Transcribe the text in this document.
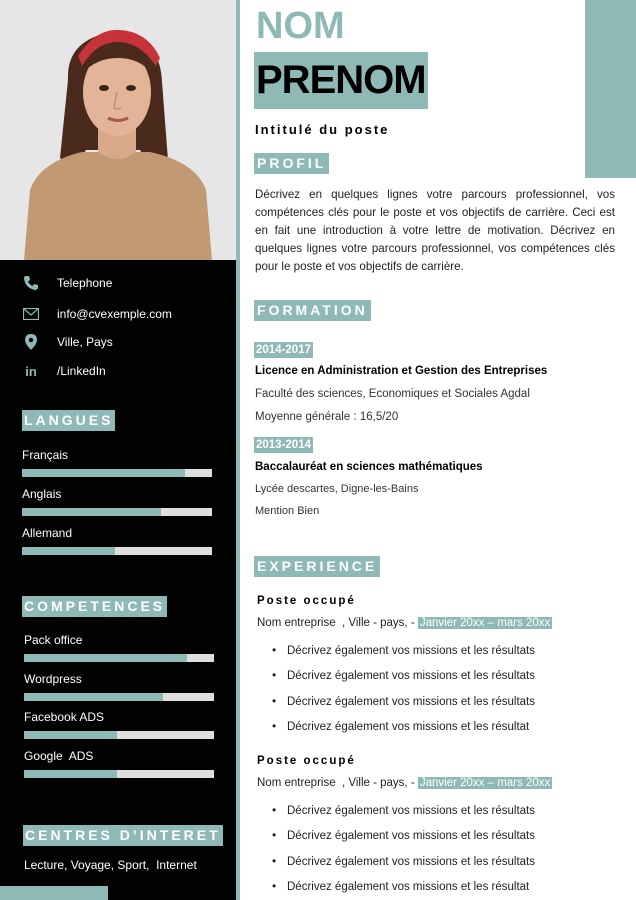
Telephone
info@cvexemple.com
Ville, Pays
in /LinkedIn
LANGUES
Français
Anglais
Allemand
COMPETENCES
Pack office
Wordpress
Facebook ADS
Google  ADS
CENTRES D’INTERET
Lecture, Voyage, Sport,  Internet
NOM
PRENOM
Intitulé du poste
PROFIL
Décrivez en quelques lignes votre parcours professionnel, vos compétences clés pour le poste et vos objectifs de carrière. Ceci est en fait une introduction à votre lettre de motivation. Décrivez en quelques lignes votre parcours professionnel, vos compétences clés pour le poste et vos objectifs de carrière.
FORMATION
2014-2017
Licence en Administration et Gestion des Entreprises
Faculté des sciences, Economiques et Sociales Agdal
Moyenne générale : 16,5/20
2013-2014
Baccalauréat en sciences mathématiques
Lycée descartes, Digne-les-Bains
Mention Bien
EXPERIENCE
Poste occupé
Nom entreprise  , Ville - pays, - Janvier 20xx – mars 20xx
• Décrivez également vos missions et les résultats
• Décrivez également vos missions et les résultats
• Décrivez également vos missions et les résultats
• Décrivez également vos missions et les résultat
Poste occupé
Nom entreprise  , Ville - pays, - Janvier 20xx – mars 20xx
• Décrivez également vos missions et les résultats
• Décrivez également vos missions et les résultats
• Décrivez également vos missions et les résultats
• Décrivez également vos missions et les résultat
